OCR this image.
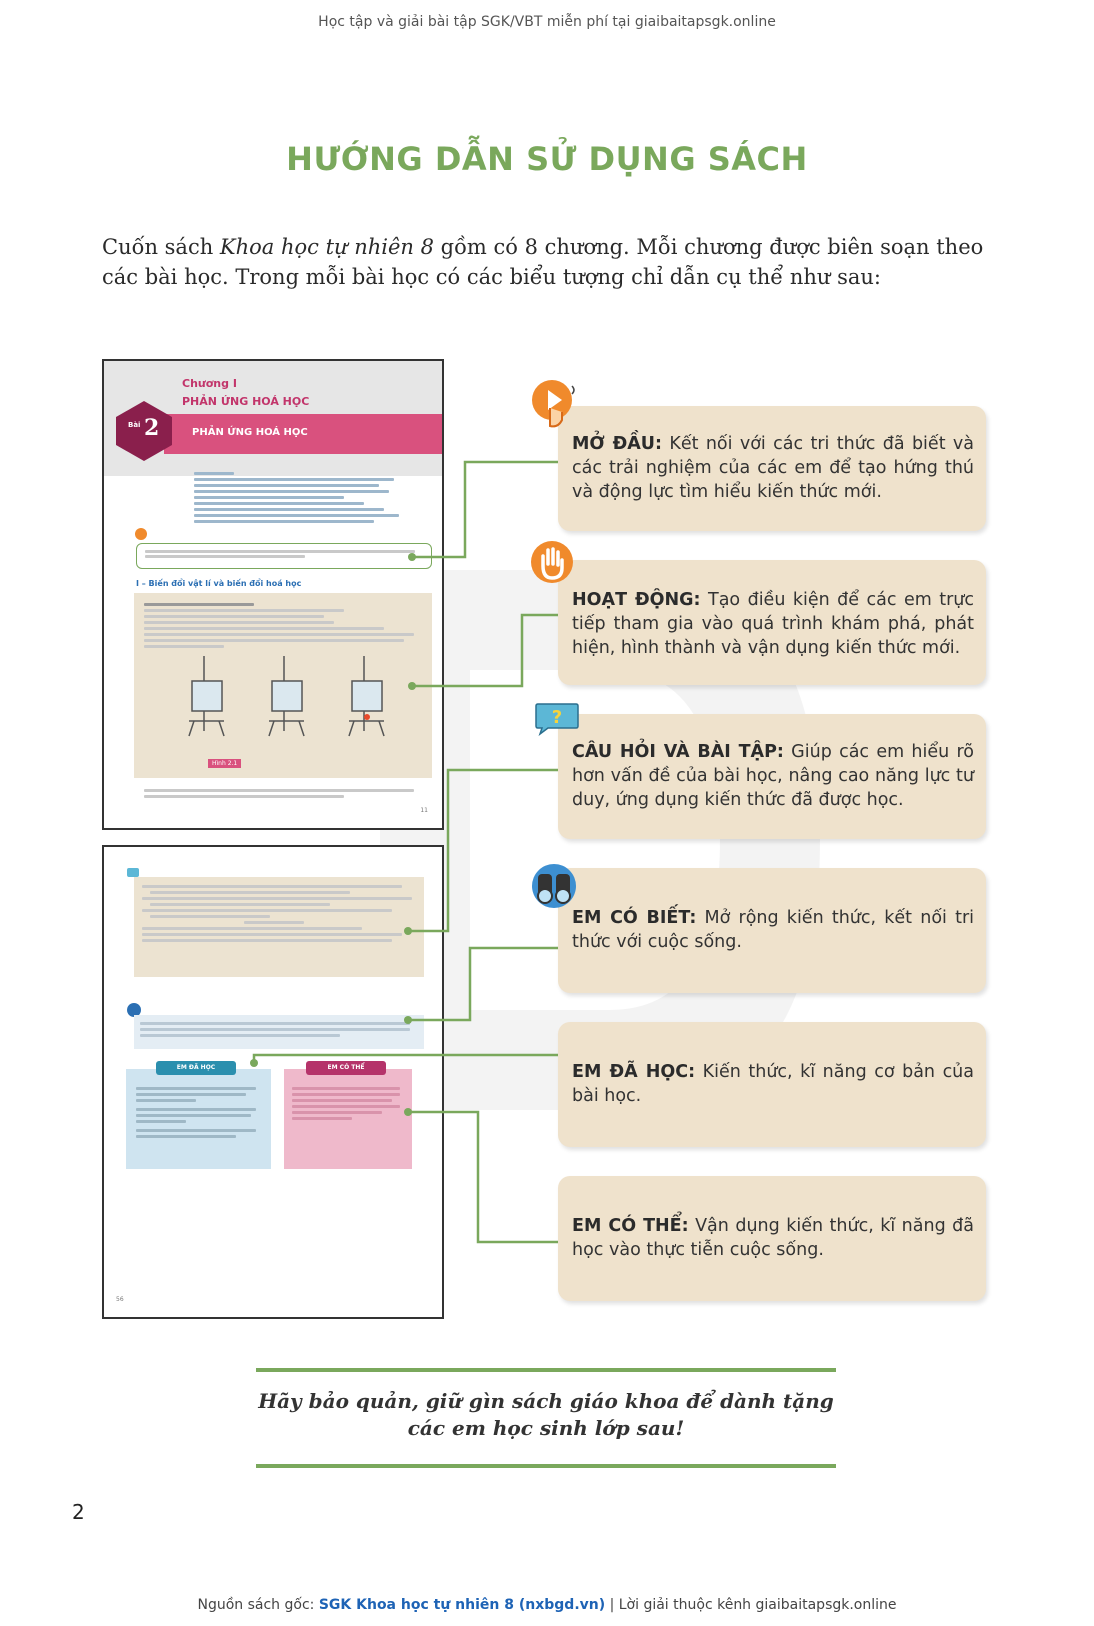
Học tập và giải bài tập SGK/VBT miễn phí tại giaibaitapsgk.online
HƯỚNG DẪN SỬ DỤNG SÁCH
Cuốn sách Khoa học tự nhiên 8 gồm có 8 chương. Mỗi chương được biên soạn theo các bài học. Trong mỗi bài học có các biểu tượng chỉ dẫn cụ thể như sau:
Chương I
PHẢN ỨNG HOÁ HỌC
PHẢN ỨNG HOÁ HỌC
Bài 2
I – Biến đổi vật lí và biến đổi hoá học
Hình 2.1
11
EM ĐÃ HỌC	EM CÓ THỂ
56
MỞ ĐẦU: Kết nối với các tri thức đã biết và các trải nghiệm của các em để tạo hứng thú và động lực tìm hiểu kiến thức mới.
HOẠT ĐỘNG: Tạo điều kiện để các em trực tiếp tham gia vào quá trình khám phá, phát hiện, hình thành và vận dụng kiến thức mới.
CÂU HỎI VÀ BÀI TẬP: Giúp các em hiểu rõ hơn vấn đề của bài học, nâng cao năng lực tư duy, ứng dụng kiến thức đã được học.
?
EM CÓ BIẾT: Mở rộng kiến thức, kết nối tri thức với cuộc sống.
EM ĐÃ HỌC: Kiến thức, kĩ năng cơ bản của bài học.
EM CÓ THỂ: Vận dụng kiến thức, kĩ năng đã học vào thực tiễn cuộc sống.
Hãy bảo quản, giữ gìn sách giáo khoa để dành tặng
các em học sinh lớp sau!
2
Nguồn sách gốc: SGK Khoa học tự nhiên 8 (nxbgd.vn) | Lời giải thuộc kênh giaibaitapsgk.online
